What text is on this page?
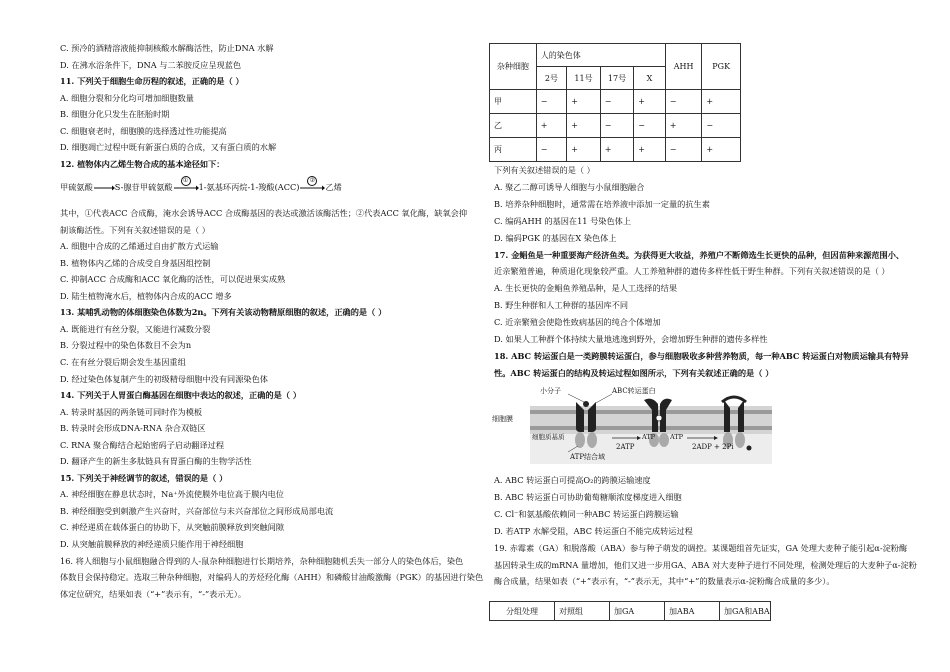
甲硫氨酸	S-腺苷甲硫氨酸
①
1-氨基环丙烷-1-羧酸(ACC)
②
乙烯
杂种细胞	人的染色体				AHH	PGK
	2号	11号	17号	X		
甲	−	+	−	+	−	+
乙	+	+	−	−	+	−
丙	−	+	+	+	−	+
小分子	ABC转运蛋白
细胞膜
细胞质基质
ATP结合域
2ATP
ATP ATP
2ADP + 2Pi
分组处理	对照组	加GA	加ABA	加GA和ABA
C. 预冷的酒精溶液能抑制核酸水解酶活性，防止DNA 水解
D. 在沸水浴条件下，DNA 与二苯胺反应呈现蓝色
11. 下列关于细胞生命历程的叙述，正确的是（ ）
A. 细胞分裂和分化均可增加细胞数量
B. 细胞分化只发生在胚胎时期
C. 细胞衰老时，细胞膜的选择透过性功能提高
D. 细胞凋亡过程中既有新蛋白质的合成，又有蛋白质的水解
12. 植物体内乙烯生物合成的基本途径如下：
其中，①代表ACC 合成酶，淹水会诱导ACC 合成酶基因的表达或激活该酶活性；②代表ACC 氧化酶，缺氧会抑
制该酶活性。下列有关叙述错误的是（ ）
A. 细胞中合成的乙烯通过自由扩散方式运输
B. 植物体内乙烯的合成受自身基因组控制
C. 抑制ACC 合成酶和ACC 氧化酶的活性，可以促进果实成熟
D. 陆生植物淹水后，植物体内合成的ACC 增多
13. 某哺乳动物的体细胞染色体数为2n。下列有关该动物精原细胞的叙述，正确的是（ ）
A. 既能进行有丝分裂，又能进行减数分裂
B. 分裂过程中的染色体数目不会为n
C. 在有丝分裂后期会发生基因重组
D. 经过染色体复制产生的初级精母细胞中没有同源染色体
14. 下列关于人胃蛋白酶基因在细胞中表达的叙述，正确的是（ ）
A. 转录时基因的两条链可同时作为模板
B. 转录时会形成DNA-RNA 杂合双链区
C. RNA 聚合酶结合起始密码子启动翻译过程
D. 翻译产生的新生多肽链具有胃蛋白酶的生物学活性
15. 下列关于神经调节的叙述，错误的是（ ）
A. 神经细胞在静息状态时，Na⁺外流使膜外电位高于膜内电位
B. 神经细胞受到刺激产生兴奋时，兴奋部位与未兴奋部位之间形成局部电流
C. 神经递质在载体蛋白的协助下，从突触前膜释放到突触间隙
D. 从突触前膜释放的神经递质只能作用于神经细胞
16. 将人细胞与小鼠细胞融合得到的人-鼠杂种细胞进行长期培养，杂种细胞随机丢失一部分人的染色体后，染色
体数目会保持稳定。选取三种杂种细胞，对编码人的芳烃羟化酶（AHH）和磷酸甘油酸激酶（PGK）的基因进行染色
体定位研究，结果如表（“+”表示有，“-”表示无）。
下列有关叙述错误的是（ ）
A. 聚乙二醇可诱导人细胞与小鼠细胞融合
B. 培养杂种细胞时，通常需在培养液中添加一定量的抗生素
C. 编码AHH 的基因在11 号染色体上
D. 编码PGK 的基因在X 染色体上
17. 金鲳鱼是一种重要海产经济鱼类。为获得更大收益，养殖户不断筛选生长更快的品种，但因苗种来源范围小、
近亲繁殖普遍，种质退化现象较严重。人工养殖种群的遗传多样性低于野生种群。下列有关叙述错误的是（ ）
A. 生长更快的金鲳鱼养殖品种，是人工选择的结果
B. 野生种群和人工种群的基因库不同
C. 近亲繁殖会使隐性致病基因的纯合个体增加
D. 如果人工种群个体持续大量地逃逸到野外，会增加野生种群的遗传多样性
18. ABC 转运蛋白是一类跨膜转运蛋白，参与细胞吸收多种营养物质，每一种ABC 转运蛋白对物质运输具有特异
性。ABC 转运蛋白的结构及转运过程如图所示，下列有关叙述正确的是（ ）
A. ABC 转运蛋白可提高O₂的跨膜运输速度
B. ABC 转运蛋白可协助葡萄糖顺浓度梯度进入细胞
C. Cl⁻和氨基酸依赖同一种ABC 转运蛋白跨膜运输
D. 若ATP 水解受阻，ABC 转运蛋白不能完成转运过程
19. 赤霉素（GA）和脱落酸（ABA）参与种子萌发的调控。某课题组首先证实，GA 处理大麦种子能引起α-淀粉酶
基因转录生成的mRNA 量增加，他们又进一步用GA、ABA 对大麦种子进行不同处理，检测处理后的大麦种子α-淀粉
酶合成量，结果如表（“+”表示有，“-”表示无，其中“+”的数量表示α-淀粉酶合成量的多少）。
